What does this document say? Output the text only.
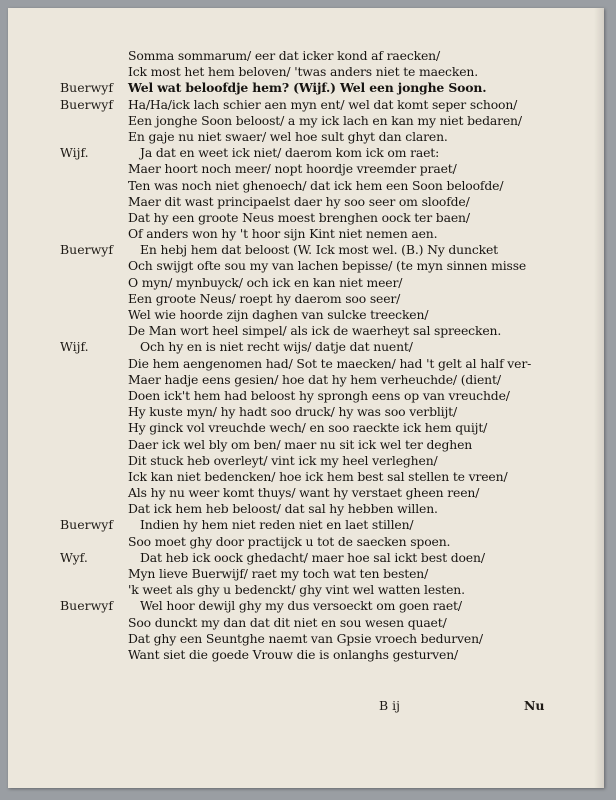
Somma sommarum/ eer dat icker kond af raecken/
Ick most het hem beloven/ 'twas anders niet te maecken.
Buerwyf Wel wat beloofdje hem? (Wijf.) Wel een jonghe Soon.
Buerwyf Ha/Ha/ick lach schier aen myn ent/ wel dat komt seper schoon/
Een jonghe Soon beloost/ a my ick lach en kan my niet bedaren/
En gaje nu niet swaer/ wel hoe sult ghyt dan claren.
Wijf.	Ja dat en weet ick niet/ daerom kom ick om raet:
Maer hoort noch meer/ nopt hoordje vreemder praet/
Ten was noch niet ghenoech/ dat ick hem een Soon beloofde/
Maer dit wast principaelst daer hy soo seer om sloofde/
Dat hy een groote Neus moest brenghen oock ter baen/
Of anders won hy 't hoor sijn Kint niet nemen aen.
Buerwyf En hebj hem dat beloost (W. Ick most wel. (B.) Ny duncket
Och swijgt ofte sou my van lachen bepisse/ (te myn sinnen misse
O myn/ mynbuyck/ och ick en kan niet meer/
Een groote Neus/ roept hy daerom soo seer/
Wel wie hoorde zijn daghen van sulcke treecken/
De Man wort heel simpel/ als ick de waerheyt sal spreecken.
Wijf.	Och hy en is niet recht wijs/ datje dat nuent/
Die hem aengenomen had/ Sot te maecken/ had 't gelt al half ver-
Maer hadje eens gesien/ hoe dat hy hem verheuchde/ (dient/
Doen ick't hem had beloost hy sprongh eens op van vreuchde/
Hy kuste myn/ hy hadt soo druck/ hy was soo verblijt/
Hy ginck vol vreuchde wech/ en soo raeckte ick hem quijt/
Daer ick wel bly om ben/ maer nu sit ick wel ter deghen
Dit stuck heb overleyt/ vint ick my heel verleghen/
Ick kan niet bedencken/ hoe ick hem best sal stellen te vreen/
Als hy nu weer komt thuys/ want hy verstaet gheen reen/
Dat ick hem heb beloost/ dat sal hy hebben willen.
Buerwyf Indien hy hem niet reden niet en laet stillen/
Soo moet ghy door practijck u tot de saecken spoen.
Wyf.	Dat heb ick oock ghedacht/ maer hoe sal ickt best doen/
Myn lieve Buerwijf/ raet my toch wat ten besten/
'k weet als ghy u bedenckt/ ghy vint wel watten lesten.
Buerwyf Wel hoor dewijl ghy my dus versoeckt om goen raet/
Soo dunckt my dan dat dit niet en sou wesen quaet/
Dat ghy een Seuntghe naemt van Gpsie vroech bedurven/
Want siet die goede Vrouw die is onlanghs gesturven/
B ij	Nu
